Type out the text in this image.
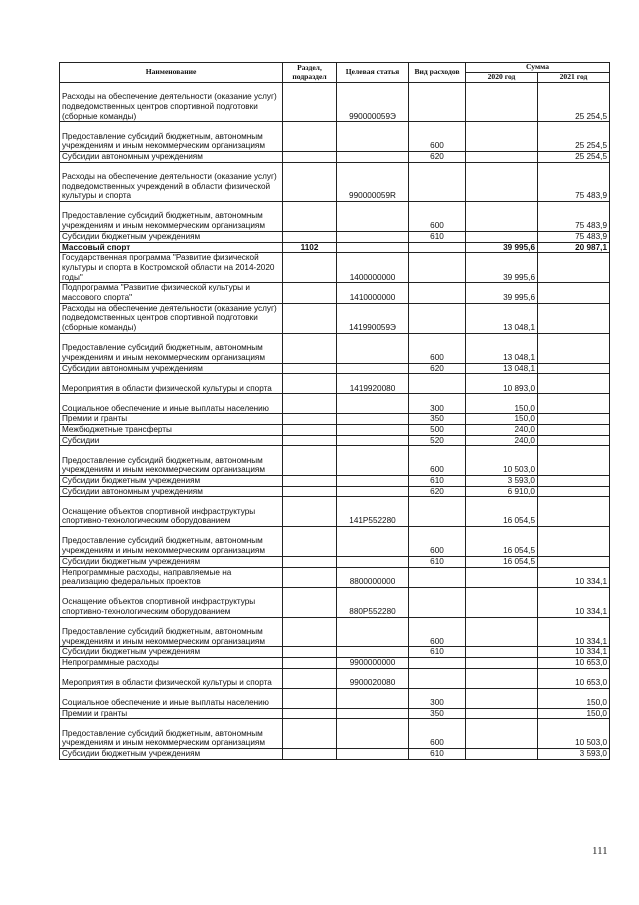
Наименование	Раздел, подраздел	Целевая статья	Вид расходов	Сумма	
				2020 год	2021 год
Расходы на обеспечение деятельности (оказание услуг) подведомственных центров спортивной подготовки (сборные команды)		990000059Э			25 254,5
Предоставление субсидий бюджетным, автономным учреждениям и иным некоммерческим организациям			600		25 254,5
Субсидии автономным учреждениям			620		25 254,5
Расходы на обеспечение деятельности (оказание услуг) подведомственных учреждений в области физической культуры и спорта		990000059R			75 483,9
Предоставление субсидий бюджетным, автономным учреждениям и иным некоммерческим организациям			600		75 483,9
Субсидии бюджетным учреждениям			610		75 483,9
Массовый спорт	1102			39 995,6	20 987,1
Государственная программа "Развитие физической культуры и спорта в Костромской области на 2014-2020 годы"		1400000000		39 995,6	
Подпрограмма "Развитие физической культуры и массового спорта"		1410000000		39 995,6	
Расходы на обеспечение деятельности (оказание услуг) подведомственных центров спортивной подготовки (сборные команды)		141990059Э		13 048,1	
Предоставление субсидий бюджетным, автономным учреждениям и иным некоммерческим организациям			600	13 048,1	
Субсидии автономным учреждениям			620	13 048,1	
Мероприятия в области физической культуры и спорта		1419920080		10 893,0	
Социальное обеспечение и иные выплаты населению			300	150,0	
Премии и гранты			350	150,0	
Межбюджетные трансферты			500	240,0	
Субсидии			520	240,0	
Предоставление субсидий бюджетным, автономным учреждениям и иным некоммерческим организациям			600	10 503,0	
Субсидии бюджетным учреждениям			610	3 593,0	
Субсидии автономным учреждениям			620	6 910,0	
Оснащение объектов спортивной инфраструктуры спортивно-технологическим оборудованием		141P552280		16 054,5	
Предоставление субсидий бюджетным, автономным учреждениям и иным некоммерческим организациям			600	16 054,5	
Субсидии бюджетным учреждениям			610	16 054,5	
Непрограммные расходы, направляемые на реализацию федеральных проектов		8800000000			10 334,1
Оснащение объектов спортивной инфраструктуры спортивно-технологическим оборудованием		880P552280			10 334,1
Предоставление субсидий бюджетным, автономным учреждениям и иным некоммерческим организациям			600		10 334,1
Субсидии бюджетным учреждениям			610		10 334,1
Непрограммные расходы		9900000000			10 653,0
Мероприятия в области физической культуры и спорта		9900020080			10 653,0
Социальное обеспечение и иные выплаты населению			300		150,0
Премии и гранты			350		150,0
Предоставление субсидий бюджетным, автономным учреждениям и иным некоммерческим организациям			600		10 503,0
Субсидии бюджетным учреждениям			610		3 593,0
111
